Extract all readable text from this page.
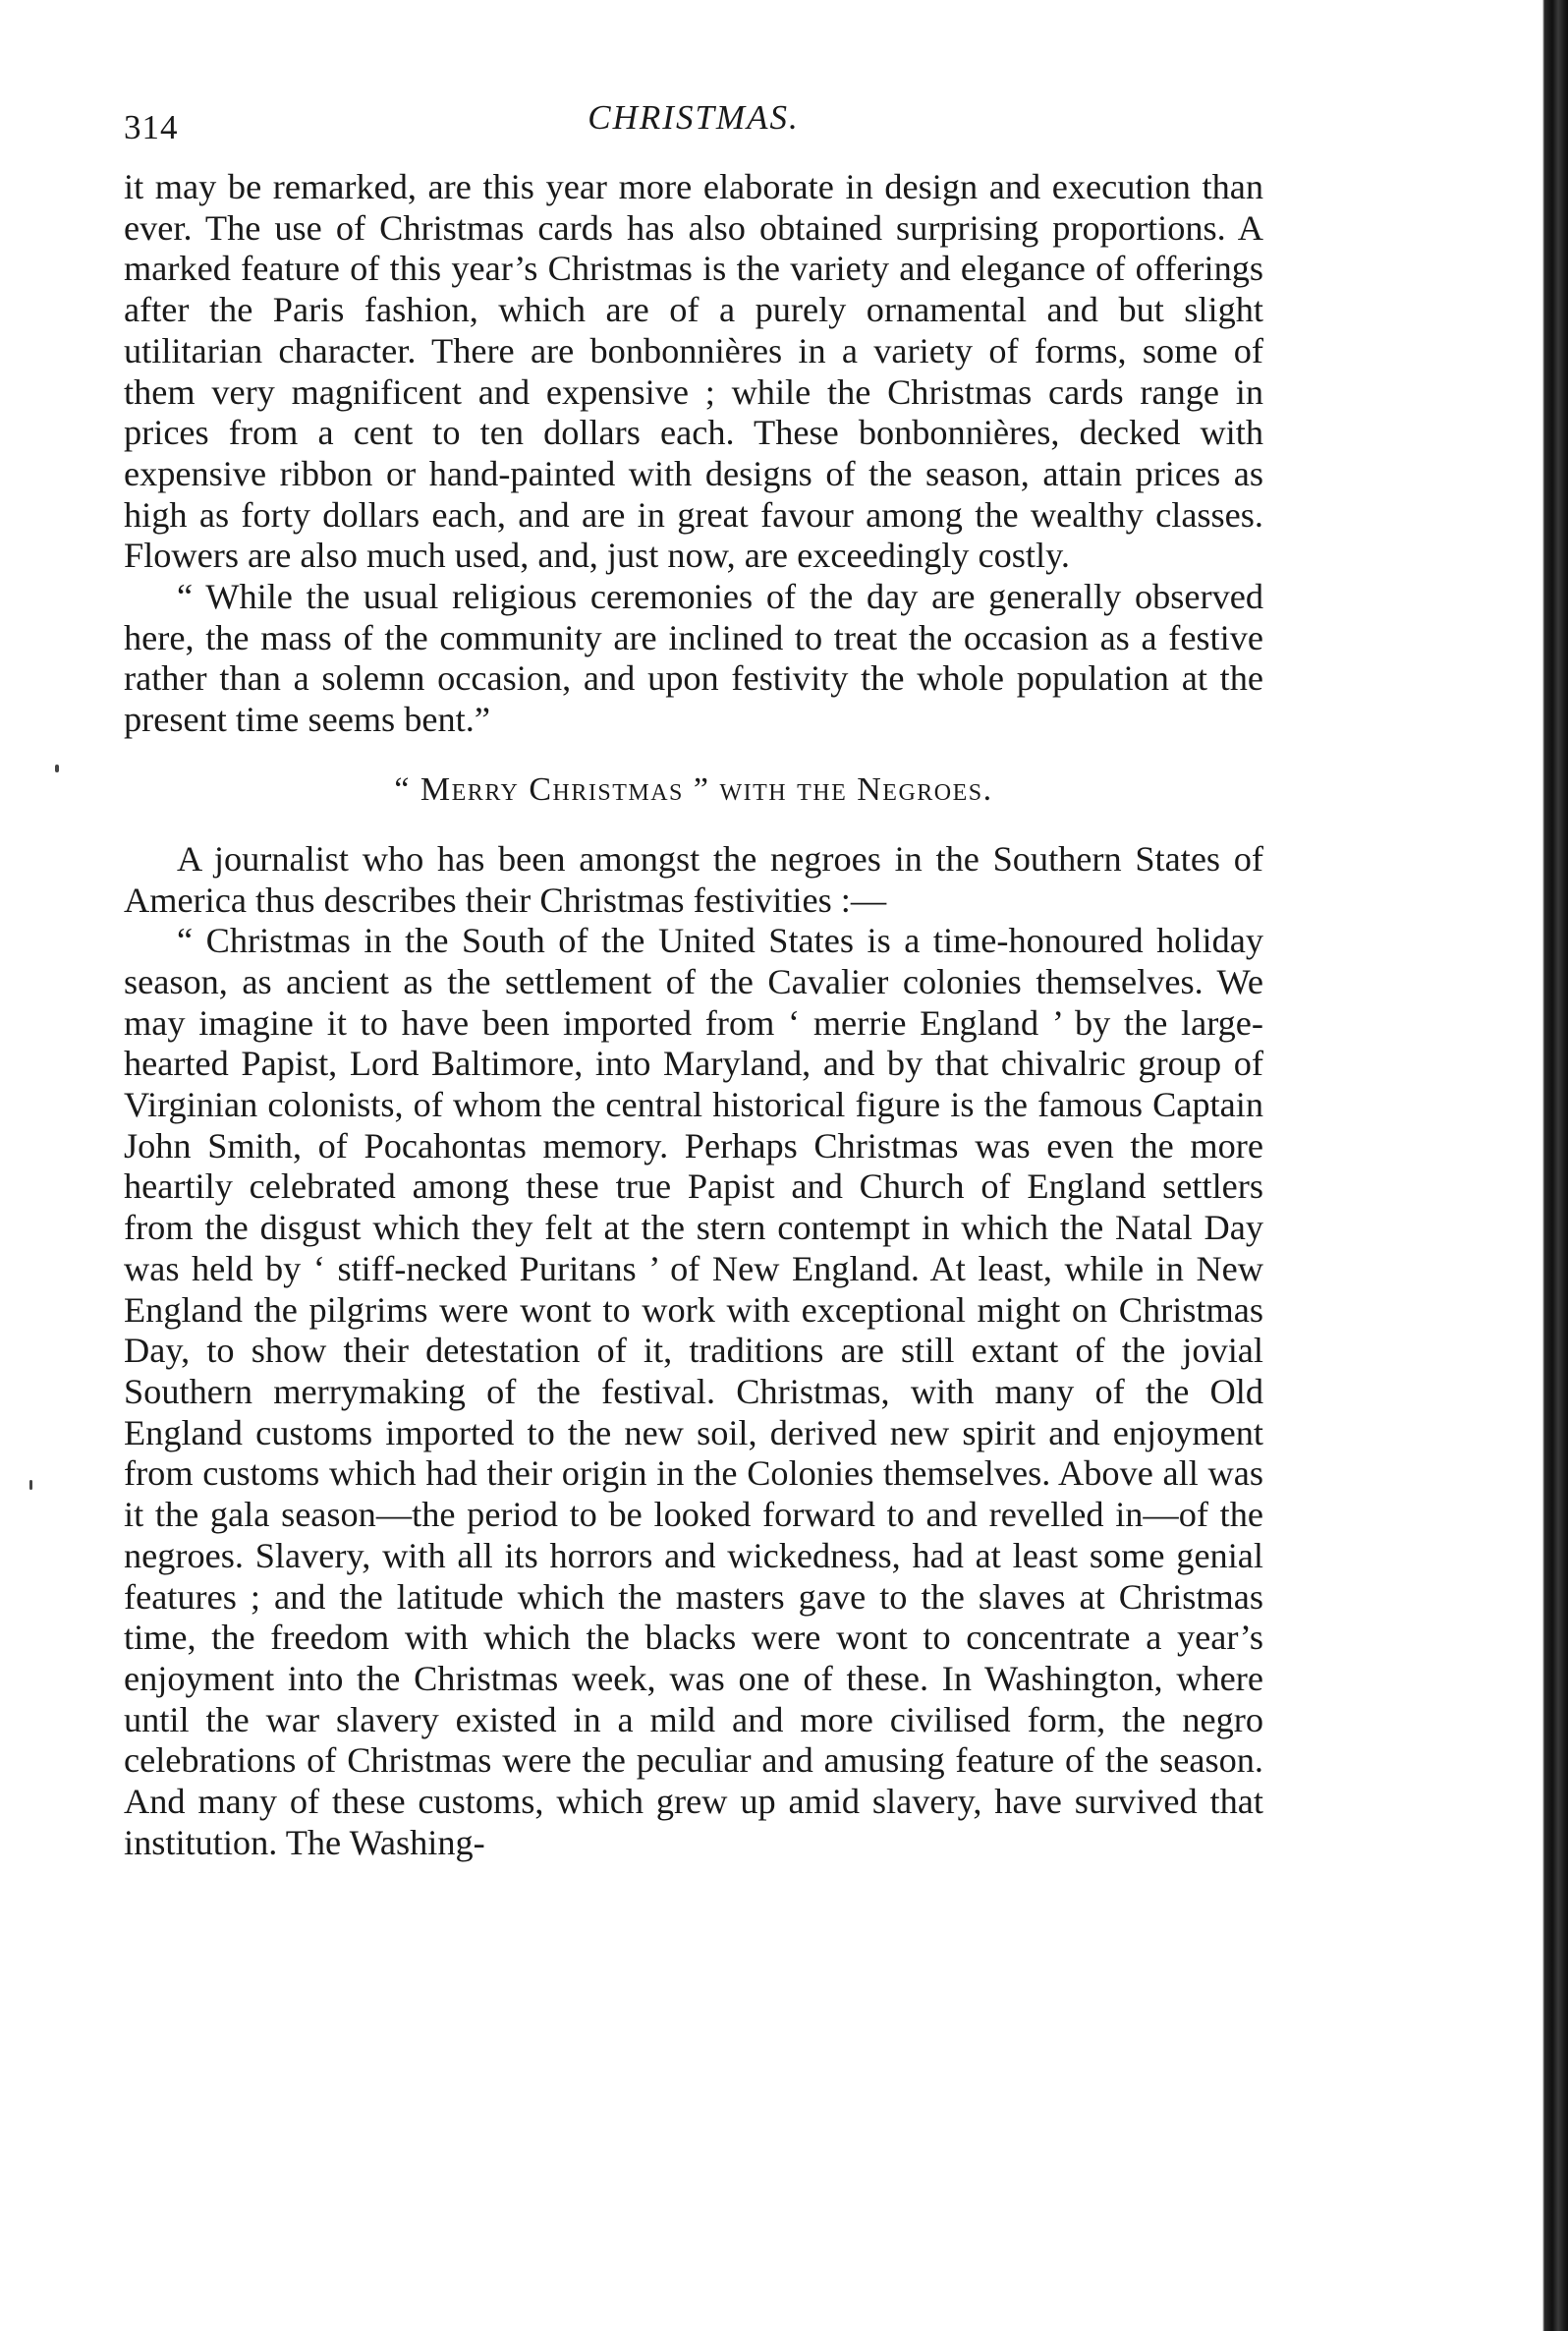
314	CHRISTMAS.

it may be remarked, are this year more elaborate in design and execution than ever. The use of Christmas cards has also obtained surprising proportions. A marked feature of this year’s Christmas is the variety and elegance of offerings after the Paris fashion, which are of a purely ornamental and but slight utilitarian character. There are bonbonnières in a variety of forms, some of them very magnificent and expensive ; while the Christmas cards range in prices from a cent to ten dollars each. These bonbonnières, decked with expensive ribbon or hand-painted with designs of the season, attain prices as high as forty dollars each, and are in great favour among the wealthy classes. Flowers are also much used, and, just now, are exceedingly costly.

“ While the usual religious ceremonies of the day are generally observed here, the mass of the community are inclined to treat the occasion as a festive rather than a solemn occasion, and upon festivity the whole population at the present time seems bent.”

“ Merry Christmas ” with the Negroes.

A journalist who has been amongst the negroes in the Southern States of America thus describes their Christmas festivities :—

“ Christmas in the South of the United States is a time-honoured holiday season, as ancient as the settlement of the Cavalier colonies themselves. We may imagine it to have been imported from ‘ merrie England ’ by the large-hearted Papist, Lord Baltimore, into Maryland, and by that chivalric group of Virginian colonists, of whom the central historical figure is the famous Captain John Smith, of Pocahontas memory. Perhaps Christmas was even the more heartily celebrated among these true Papist and Church of England settlers from the disgust which they felt at the stern contempt in which the Natal Day was held by ‘ stiff-necked Puritans ’ of New England. At least, while in New England the pilgrims were wont to work with exceptional might on Christmas Day, to show their detestation of it, traditions are still extant of the jovial Southern merrymaking of the festival. Christmas, with many of the Old England customs imported to the new soil, derived new spirit and enjoyment from customs which had their origin in the Colonies themselves. Above all was it the gala season—the period to be looked forward to and revelled in—of the negroes. Slavery, with all its horrors and wickedness, had at least some genial features ; and the latitude which the masters gave to the slaves at Christmas time, the freedom with which the blacks were wont to concentrate a year’s enjoyment into the Christmas week, was one of these. In Washington, where until the war slavery existed in a mild and more civilised form, the negro celebrations of Christmas were the peculiar and amusing feature of the season. And many of these customs, which grew up amid slavery, have survived that institution. The Washing-
